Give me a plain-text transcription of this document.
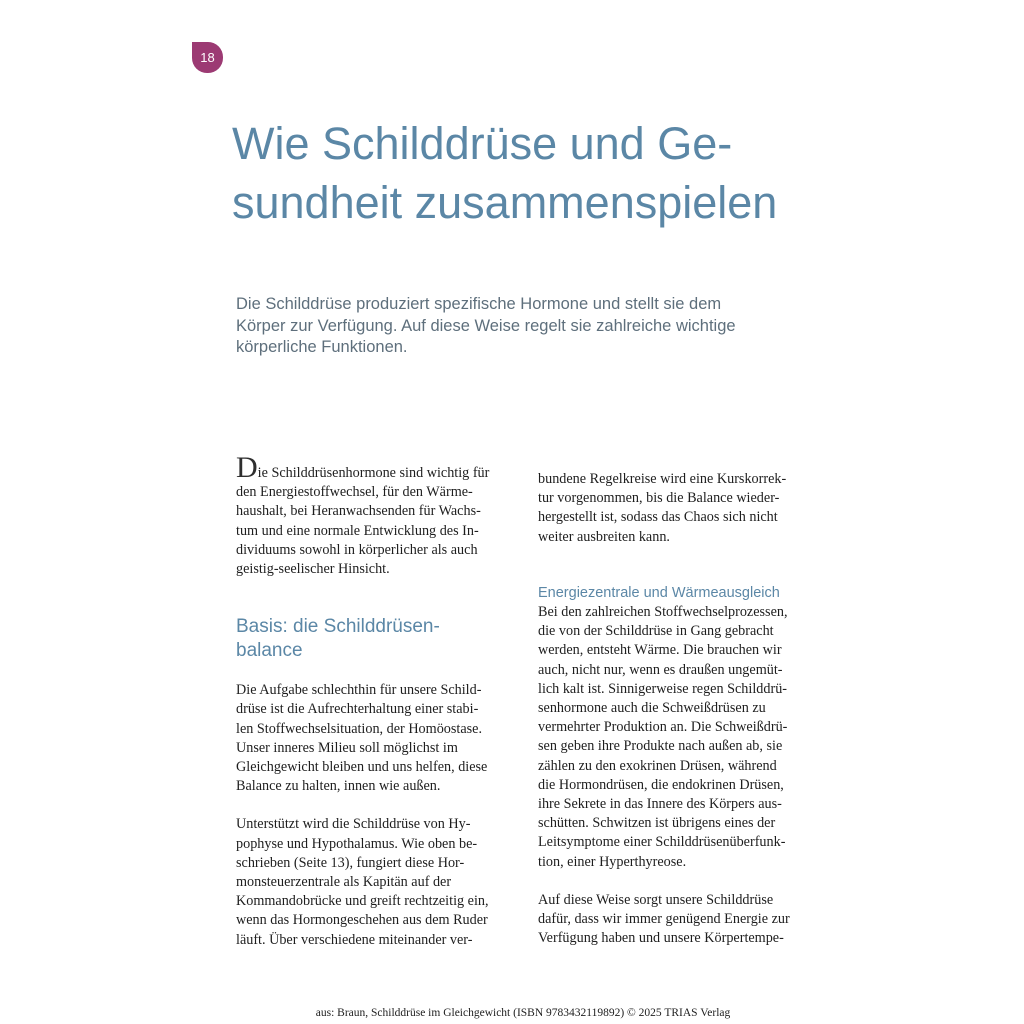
18
Wie Schilddrüse und Ge-
sundheit zusammenspielen
Die Schilddrüse produziert spezifische Hormone und stellt sie dem
Körper zur Verfügung. Auf diese Weise regelt sie zahlreiche wichtige
körperliche Funktionen.
Die Schilddrüsenhormone sind wichtig für
den Energiestoffwechsel, für den Wärme-
haushalt, bei Heranwachsenden für Wachs-
tum und eine normale Entwicklung des In-
dividuums sowohl in körperlicher als auch
geistig-seelischer Hinsicht.
Basis: die Schilddrüsen-
balance
Die Aufgabe schlechthin für unsere Schild-
drüse ist die Aufrechterhaltung einer stabi-
len Stoffwechselsituation, der Homöostase.
Unser inneres Milieu soll möglichst im
Gleichgewicht bleiben und uns helfen, diese
Balance zu halten, innen wie außen.
Unterstützt wird die Schilddrüse von Hy-
pophyse und Hypothalamus. Wie oben be-
schrieben (Seite 13), fungiert diese Hor-
monsteuerzentrale als Kapitän auf der
Kommandobrücke und greift rechtzeitig ein,
wenn das Hormongeschehen aus dem Ruder
läuft. Über verschiedene miteinander ver-
bundene Regelkreise wird eine Kurskorrek-
tur vorgenommen, bis die Balance wieder-
hergestellt ist, sodass das Chaos sich nicht
weiter ausbreiten kann.
Energiezentrale und Wärmeausgleich
Bei den zahlreichen Stoffwechselprozessen,
die von der Schilddrüse in Gang gebracht
werden, entsteht Wärme. Die brauchen wir
auch, nicht nur, wenn es draußen ungemüt-
lich kalt ist. Sinnigerweise regen Schilddrü-
senhormone auch die Schweißdrüsen zu
vermehrter Produktion an. Die Schweißdrü-
sen geben ihre Produkte nach außen ab, sie
zählen zu den exokrinen Drüsen, während
die Hormondrüsen, die endokrinen Drüsen,
ihre Sekrete in das Innere des Körpers aus-
schütten. Schwitzen ist übrigens eines der
Leitsymptome einer Schilddrüsenüberfunk-
tion, einer Hyperthyreose.
Auf diese Weise sorgt unsere Schilddrüse
dafür, dass wir immer genügend Energie zur
Verfügung haben und unsere Körpertempe-
aus: Braun, Schilddrüse im Gleichgewicht (ISBN 9783432119892) © 2025 TRIAS Verlag
